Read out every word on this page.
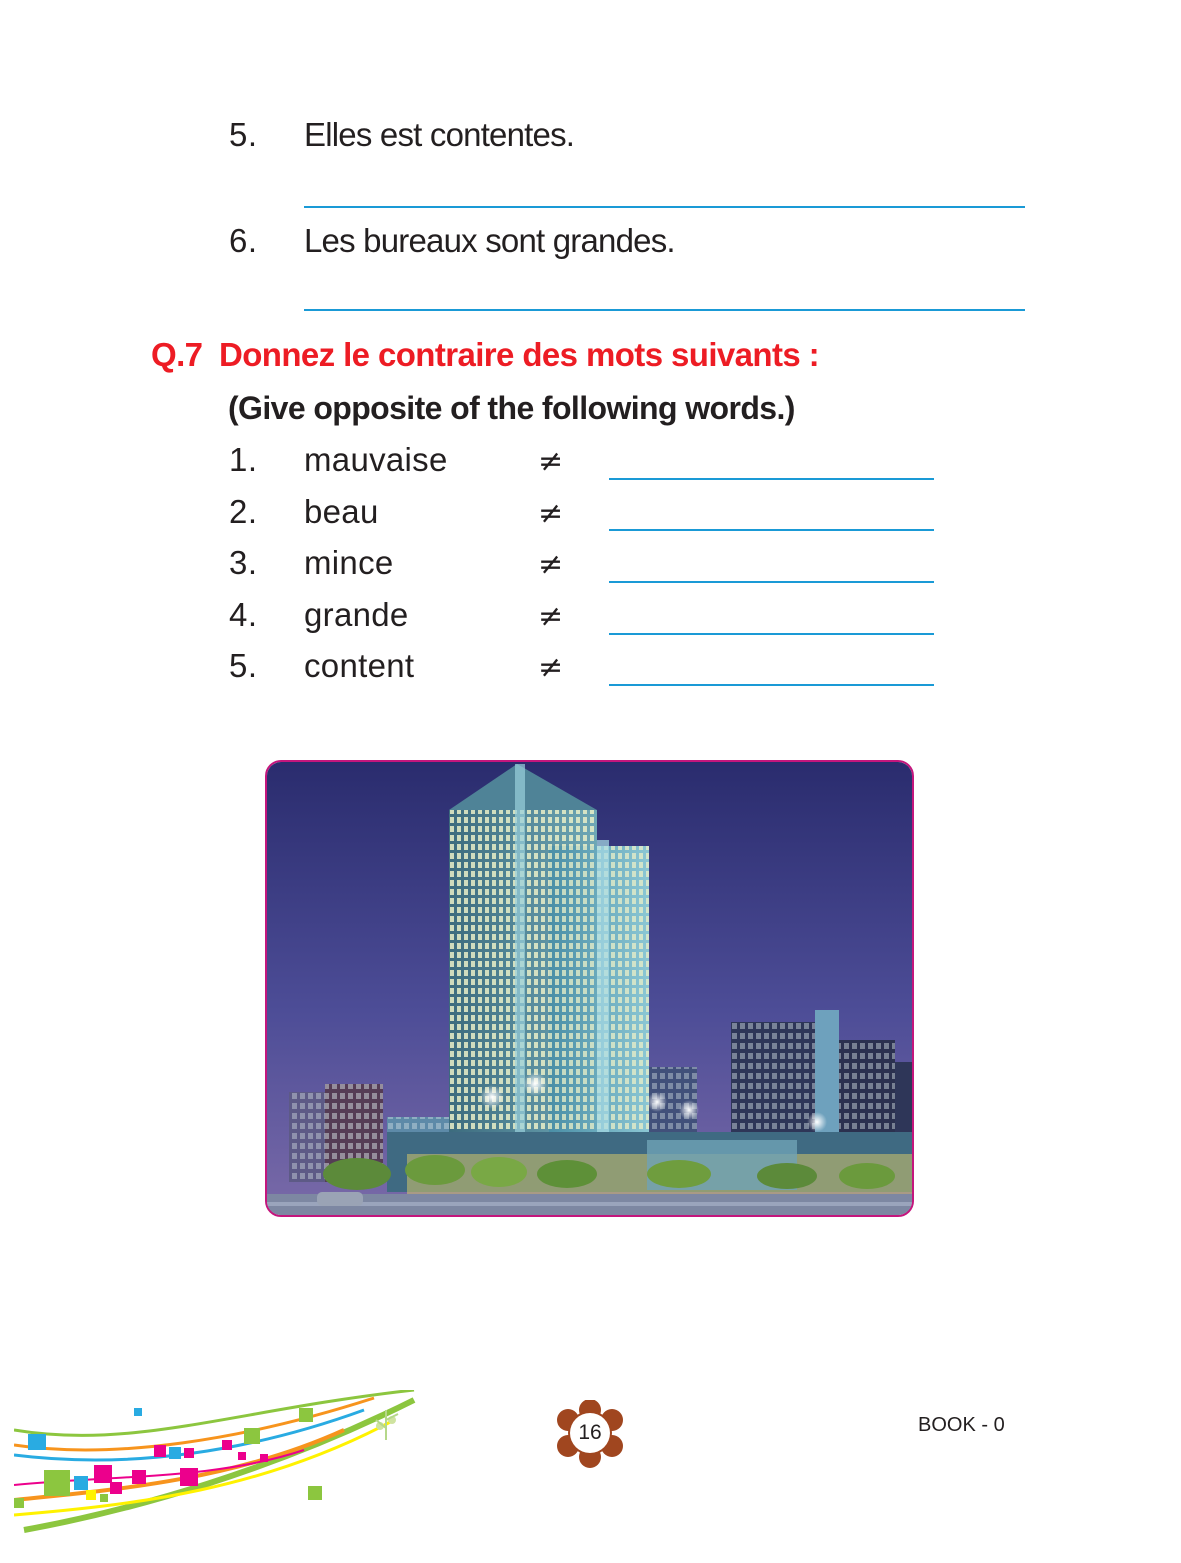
5. Elles est contentes.
6. Les bureaux sont grandes.
Q.7 Donnez le contraire des mots suivants :
(Give opposite of the following words.)
1. mauvaise	≠
2. beau	≠
3. mince	≠
4. grande	≠
5. content	≠
16	BOOK - 0
